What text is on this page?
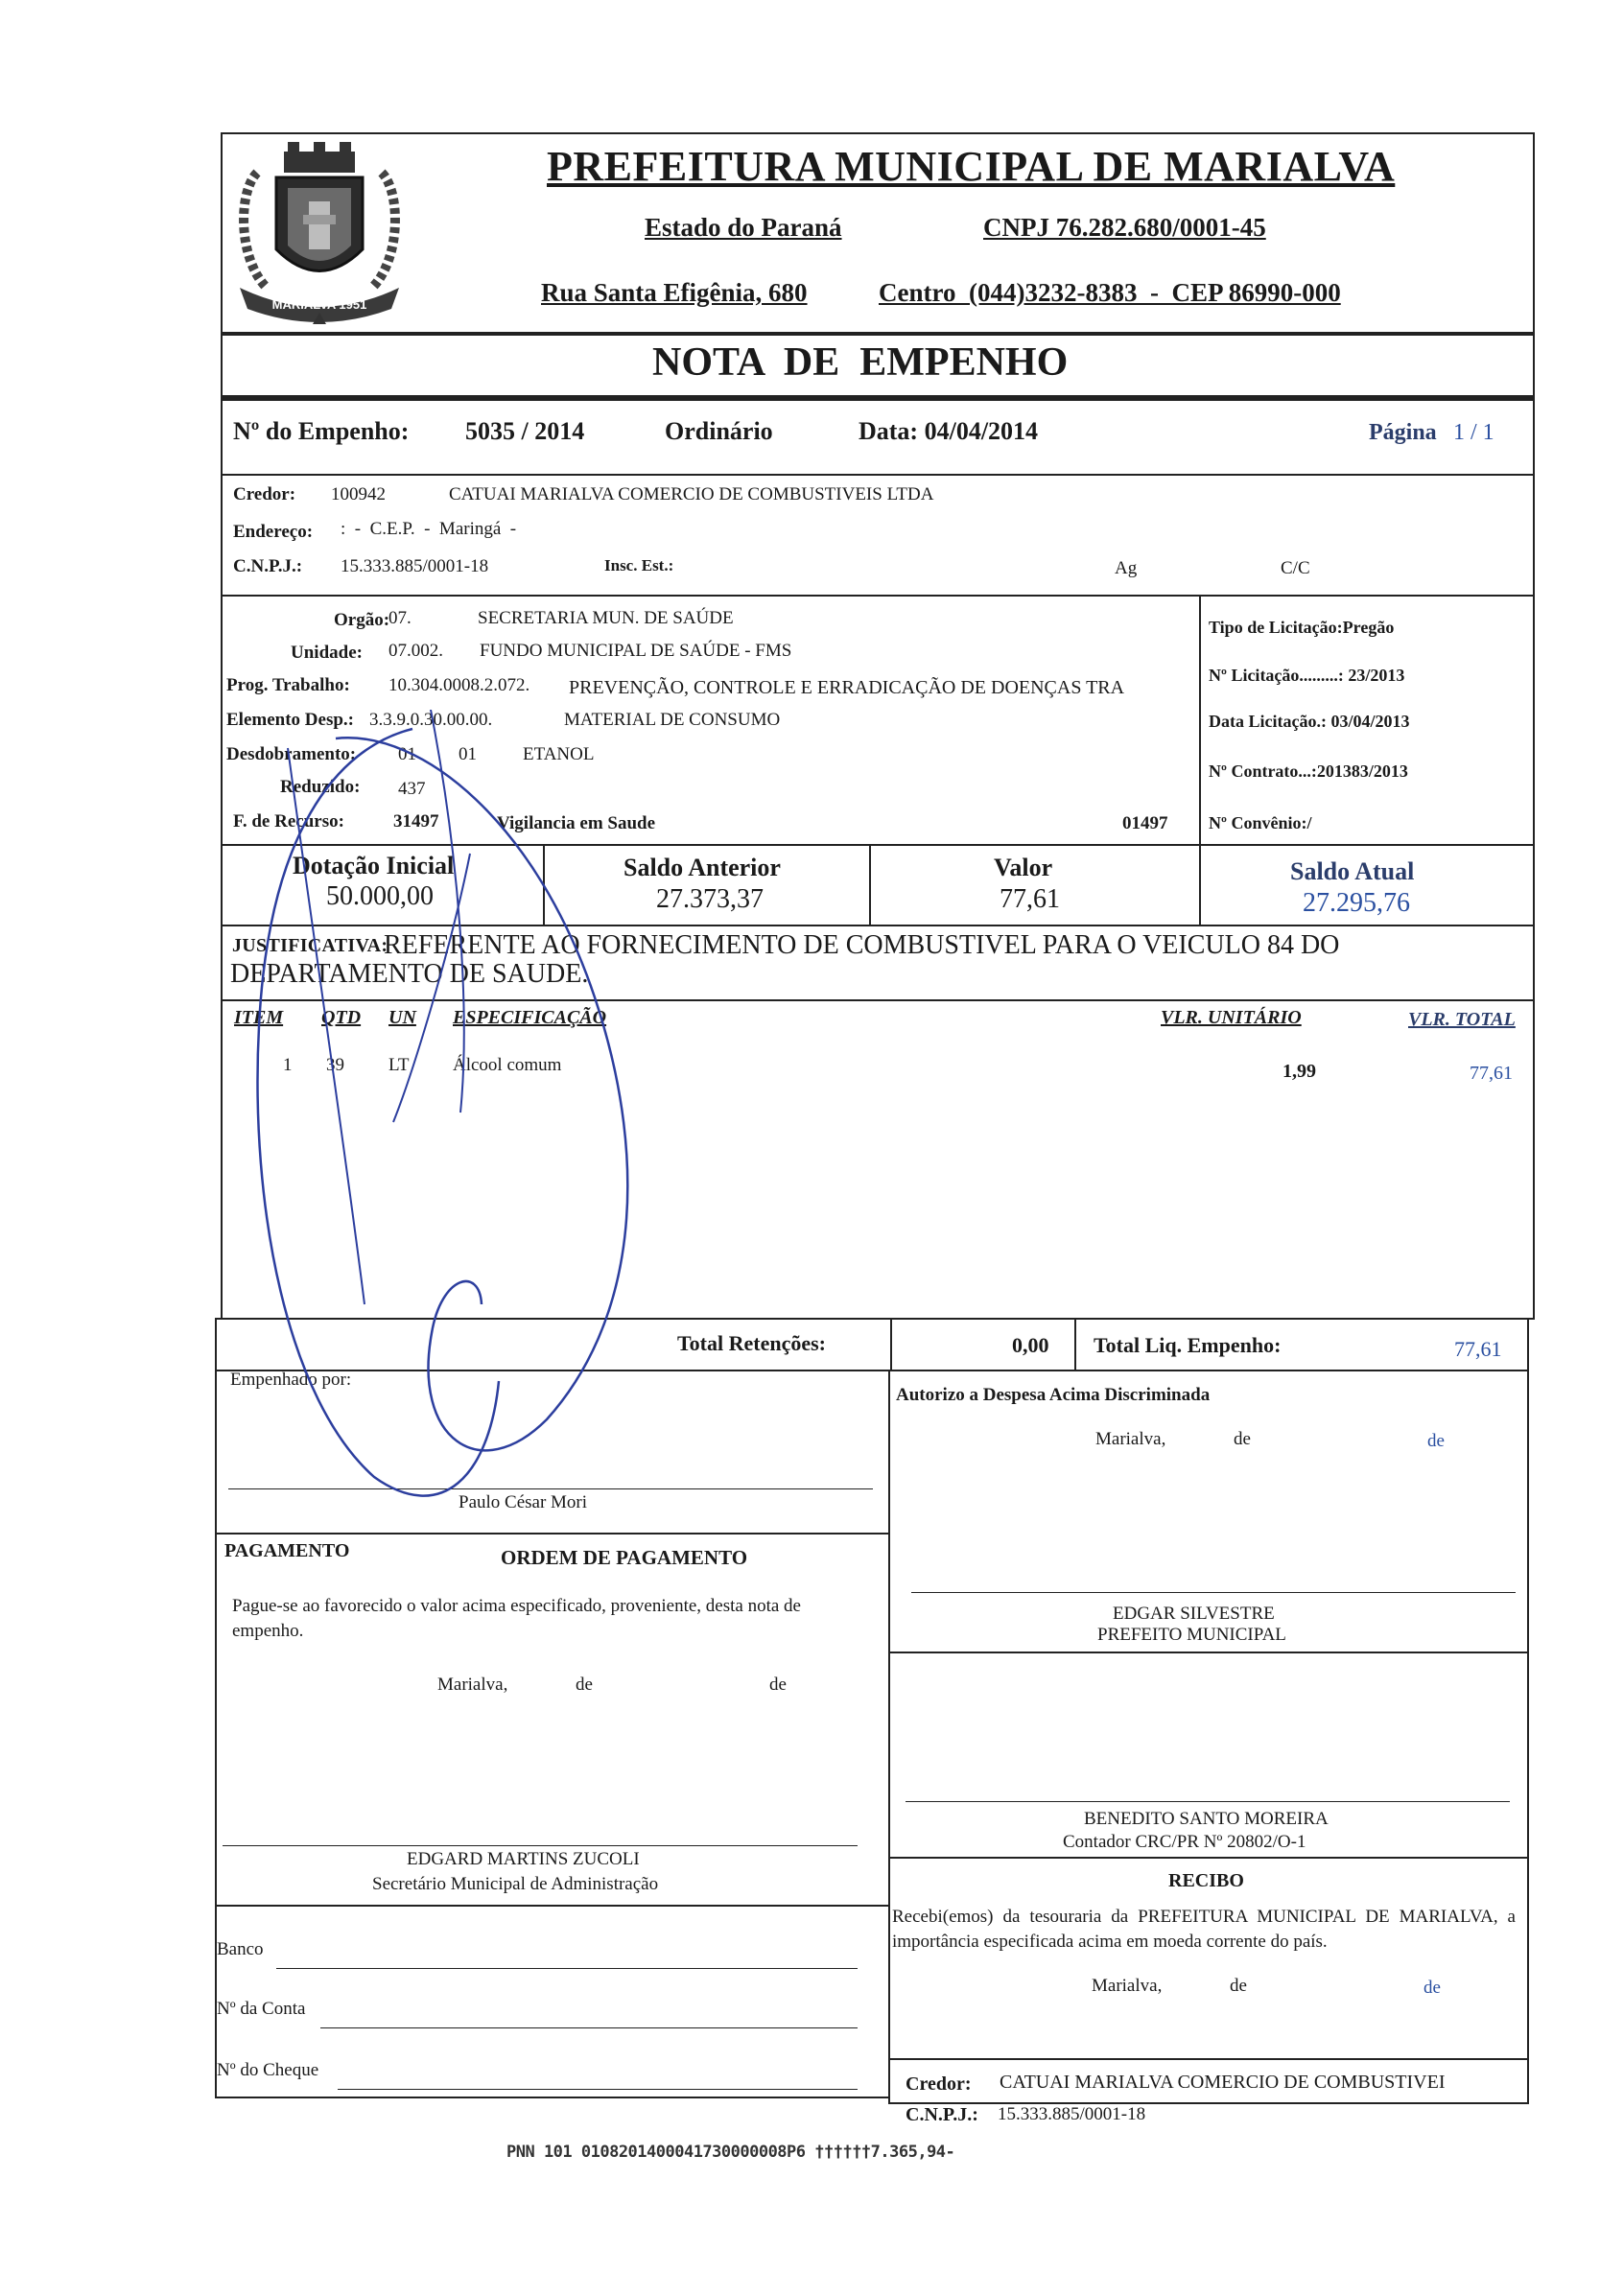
MARIALVA 1951
PREFEITURA MUNICIPAL DE MARIALVA
Estado do Paraná	CNPJ 76.282.680/0001-45
Rua Santa Efigênia, 680	Centro  (044)3232-8383  -  CEP 86990-000
NOTA  DE  EMPENHO
Nº do Empenho: 5035 / 2014	Ordinário	Data: 04/04/2014	Página 1 / 1
Credor: 100942	CATUAI MARIALVA COMERCIO DE COMBUSTIVEIS LTDA
Endereço: :  -  C.E.P.  -  Maringá  -
C.N.P.J.: 15.333.885/0001-18	Insc. Est.:	Ag	C/C
Orgão:
07.	SECRETARIA MUN. DE SAÚDE
Unidade: 07.002. FUNDO MUNICIPAL DE SAÚDE - FMS
Prog. Trabalho: 10.304.0008.2.072. PREVENÇÃO, CONTROLE E ERRADICAÇÃO DE DOENÇAS TRA
Elemento Desp.: 3.3.9.0.30.00.00.	MATERIAL DE CONSUMO
Desdobramento: 01 01	ETANOL
Reduzido: 437
F. de Recurso:	31497	Vigilancia em Saude	01497
Tipo de Licitação:Pregão
Nº Licitação.........: 23/2013
Data Licitação.: 03/04/2013
Nº Contrato...:201383/2013
Nº Convênio:/
Dotação Inicial
50.000,00
Saldo Anterior
27.373,37
Valor
77,61
Saldo Atual
27.295,76
JUSTIFICATIVA:
REFERENTE AO FORNECIMENTO DE COMBUSTIVEL PARA O VEICULO 84 DO
DEPARTAMENTO DE SAUDE.
ITEM QTD UN ESPECIFICAÇÃO	VLR. UNITÁRIO	VLR. TOTAL
1 39 LT Álcool comum	1,99	77,61
Total Retenções:	0,00 Total Liq. Empenho:	77,61
Empenhado por:
Paulo César Mori
PAGAMENTO	ORDEM DE PAGAMENTO
Pague-se ao favorecido o valor acima especificado, proveniente, desta nota de empenho.
Marialva,	de	de
EDGARD MARTINS ZUCOLI
Secretário Municipal de Administração
Banco
Nº da Conta
Nº do Cheque
Autorizo a Despesa Acima Discriminada
Marialva,	de	de
EDGAR SILVESTRE
PREFEITO MUNICIPAL
BENEDITO SANTO MOREIRA
Contador CRC/PR Nº 20802/O-1
RECIBO
Recebi(emos) da tesouraria da PREFEITURA MUNICIPAL DE MARIALVA, a importância especificada acima em moeda corrente do país.
Marialva,	de	de
Credor: CATUAI MARIALVA COMERCIO DE COMBUSTIVEI
C.N.P.J.: 15.333.885/0001-18
PNN 101 0108201400041730000008P6 ††††††7.365,94-
